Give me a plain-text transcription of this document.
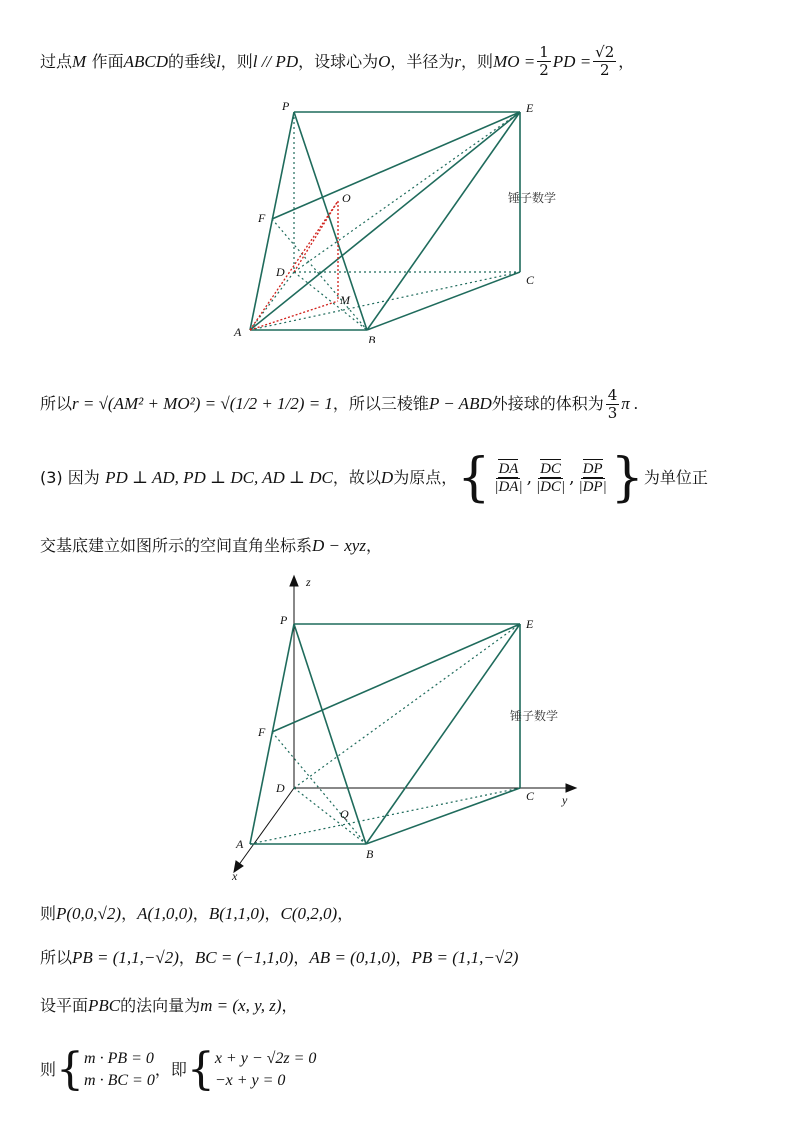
过点 M
作面 ABCD 的垂线 l ，则 l // PD ，设球心为 O ，半径为 r ，则 MO = $\frac{1}{2}$ PD = $\frac{√2}{2}$ ，
P	E
F
O
D
C
M
A
B
锤子数学
所以 r = √(AM² + MO²) = √(1/2 + 1/2) = 1 ，所以三棱锥 P − ABD 外接球的体积为 $\frac{4}{3}$ π .
(3) 因为
PD ⊥ AD, PD ⊥ DC, AD ⊥ DC ，故以 D 为原点， { $\frac{DA}{|DA|}$ , $\frac{DC}{|DC|}$ , $\frac{DP}{|DP|}$ } 为单位正
交基底建立如图所示的空间直角坐标系 D − xyz ，
z
y
x
P	E
F
D
C
Q
A
B
锤子数学
则 P(0,0,√2) ， A(1,0,0) ， B(1,1,0) ， C(0,2,0) ，
所以 PB = (1,1,−√2) ， BC = (−1,1,0) ， AB = (0,1,0) ， PB = (1,1,−√2)
设平面 PBC 的法向量为 m = (x, y, z) ，
则 { m · PB = 0
m · BC = 0
，即 { x + y − √2z = 0
−x + y = 0
